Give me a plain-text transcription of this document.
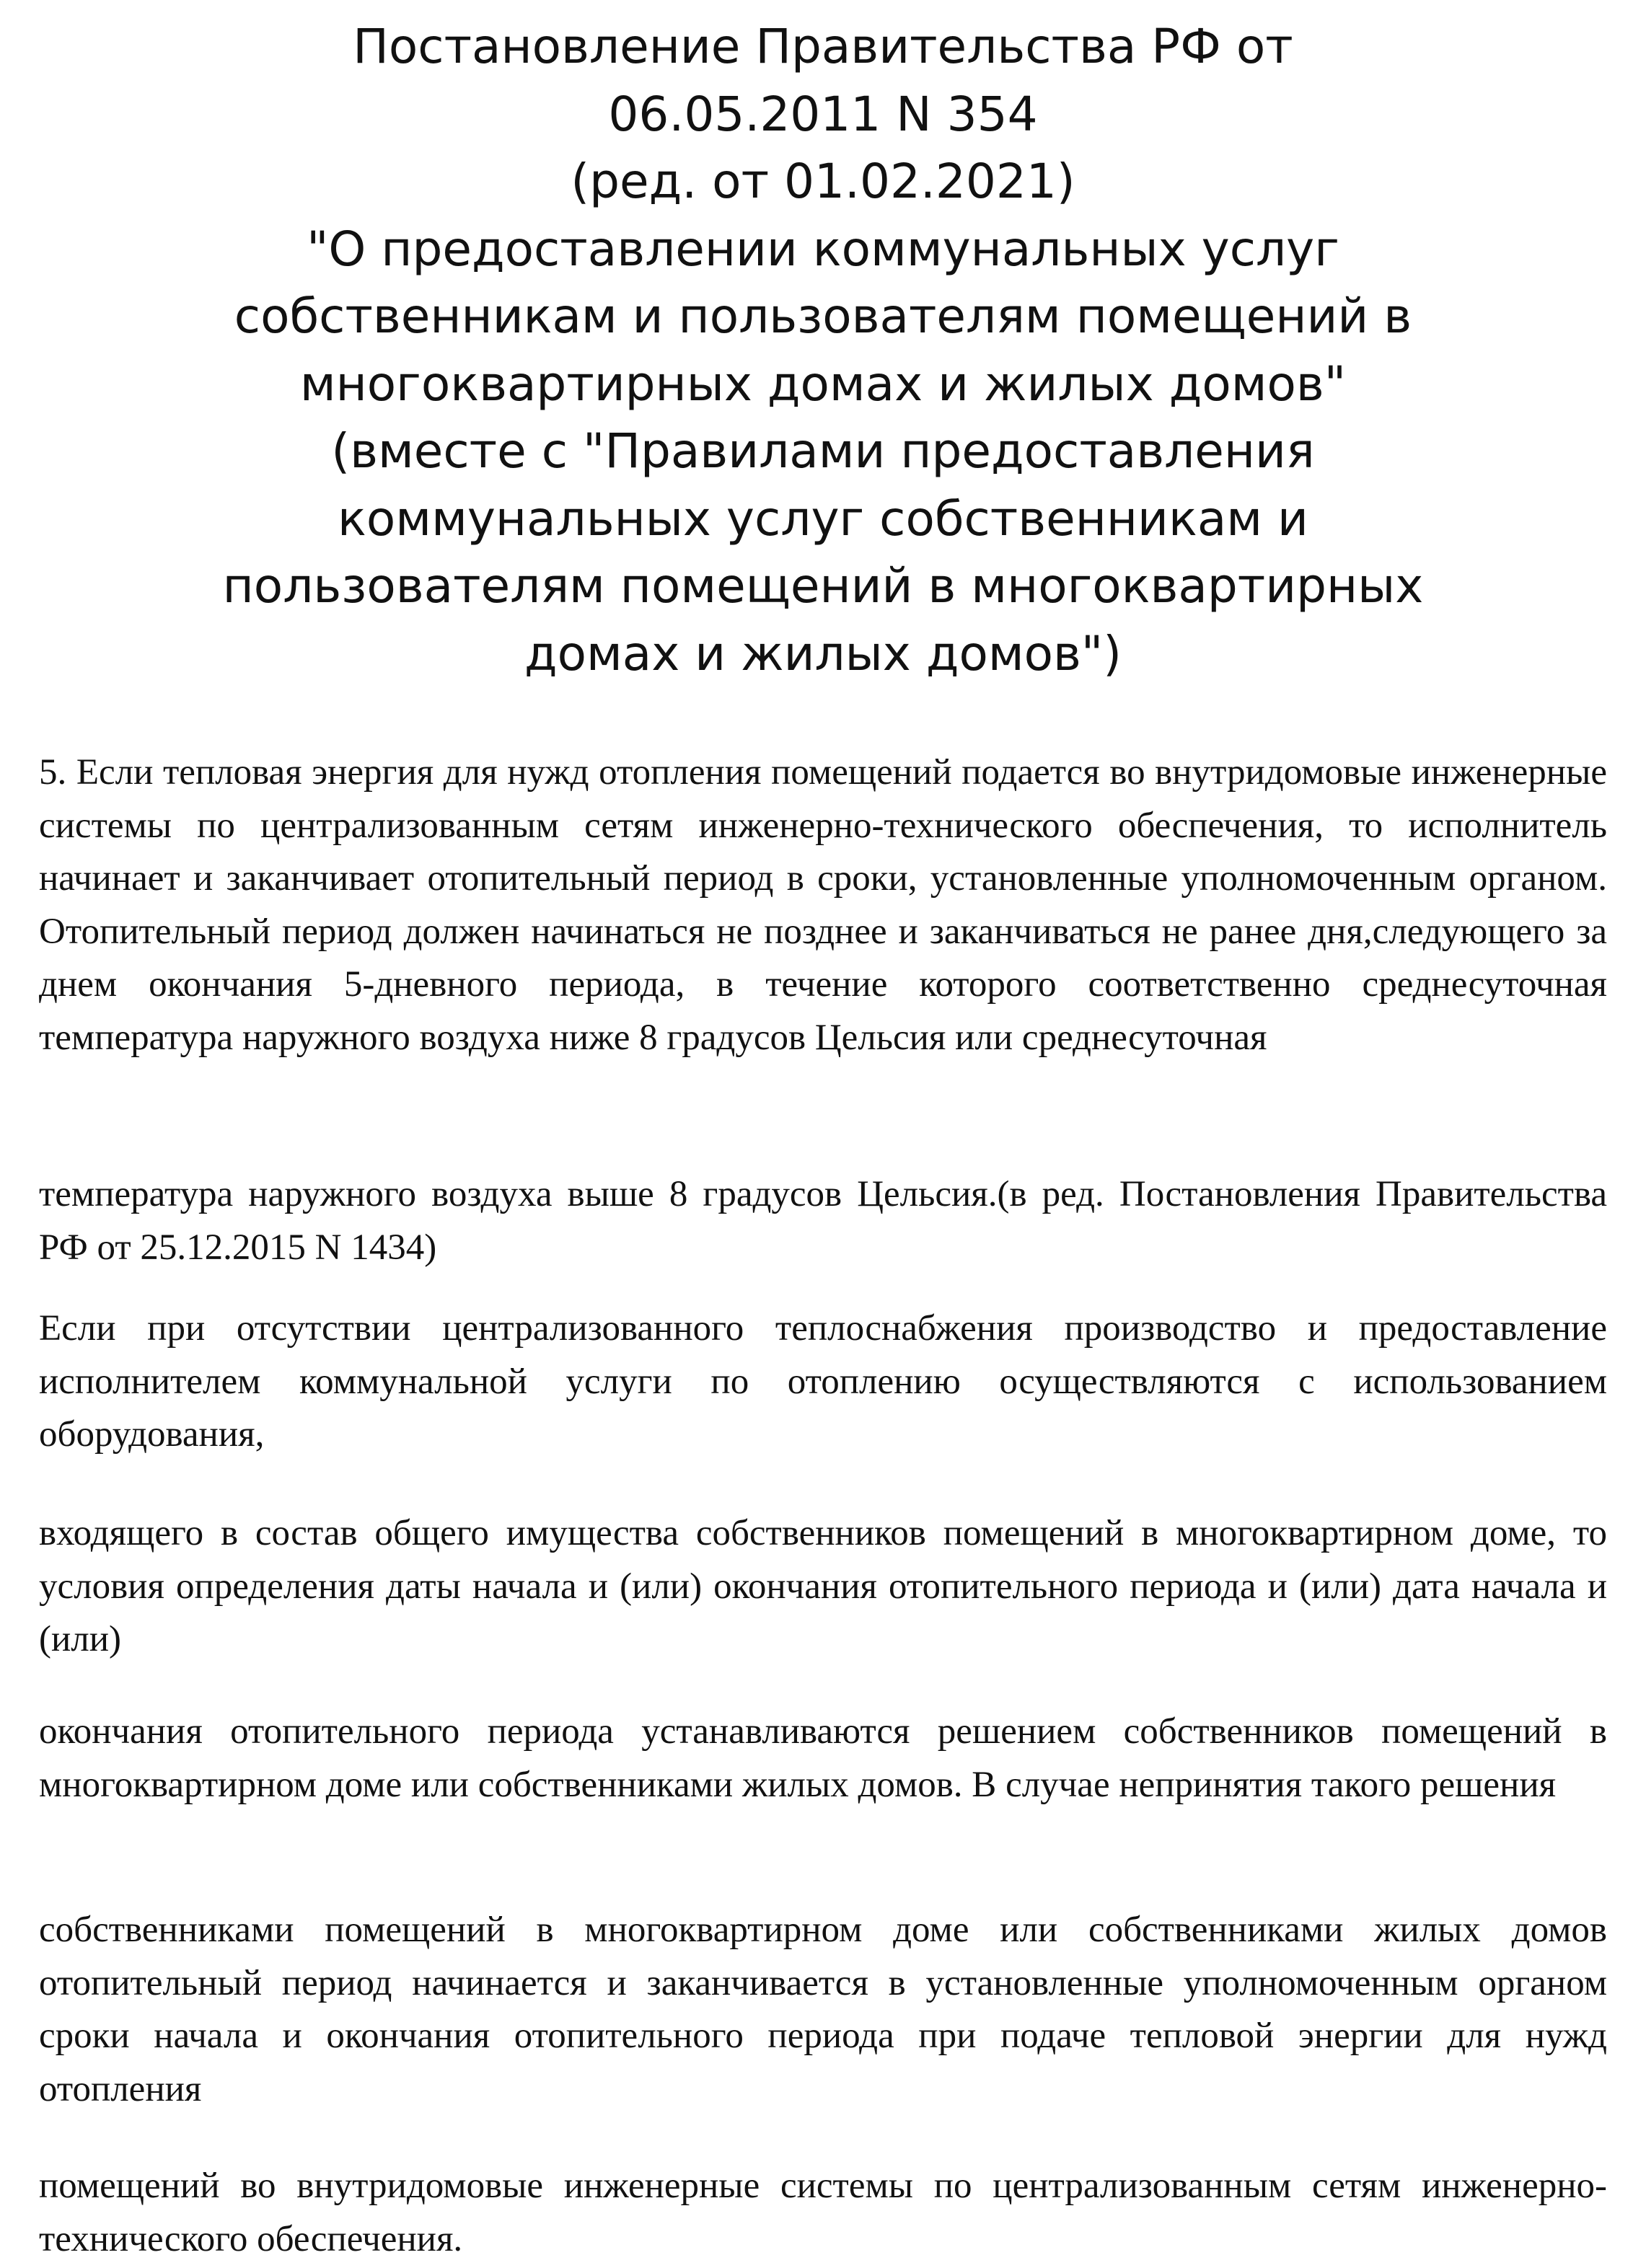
Постановление Правительства РФ от
06.05.2011 N 354
(ред. от 01.02.2021)
"О предоставлении коммунальных услуг
собственникам и пользователям помещений в
многоквартирных домах и жилых домов"
(вместе с "Правилами предоставления
коммунальных услуг собственникам и
пользователям помещений в многоквартирных
домах и жилых домов")

5. Если тепловая энергия для нужд отопления помещений подается во внутридомовые инженерные системы по централизованным сетям инженерно-технического обеспечения, то исполнитель начинает и заканчивает отопительный период в сроки, установленные уполномоченным органом. Отопительный период должен начинаться не позднее и заканчиваться не ранее дня,следующего за днем окончания 5-дневного периода, в течение которого соответственно среднесуточная температура наружного воздуха ниже 8 градусов Цельсия или среднесуточная

температура наружного воздуха выше 8 градусов Цельсия.(в ред. Постановления Правительства РФ от 25.12.2015 N 1434)

Если при отсутствии централизованного теплоснабжения производство и предоставление исполнителем коммунальной услуги по отоплению осуществляются с использованием оборудования,

входящего в состав общего имущества собственников помещений в многоквартирном доме, то условия определения даты начала и (или) окончания отопительного периода и (или) дата начала и (или)

окончания отопительного периода устанавливаются решением собственников помещений в многоквартирном доме или собственниками жилых домов. В случае непринятия такого решения

собственниками помещений в многоквартирном доме или собственниками жилых домов отопительный период начинается и заканчивается в установленные уполномоченным органом сроки начала и окончания отопительного периода при подаче тепловой энергии для нужд отопления

помещений во внутридомовые инженерные системы по централизованным сетям инженерно-технического обеспечения.
